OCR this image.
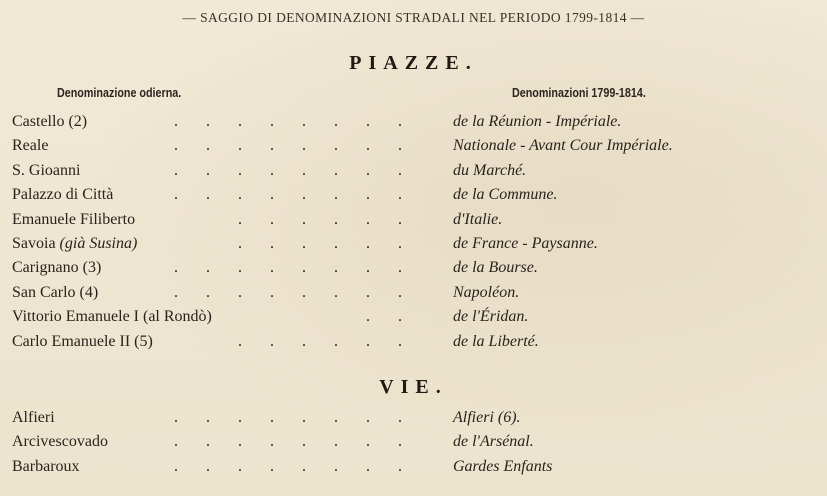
— SAGGIO DI DENOMINAZIONI STRADALI NEL PERIODO 1799-1814 —
PIAZZE.
Denominazione odierna.	Denominazioni 1799-1814.
Castello (2)	. . . . . . . .	de la Réunion - Impériale.
Reale	. . . . . . . .	Nationale - Avant Cour Impériale.
S. Gioanni	. . . . . . . .	du Marché.
Palazzo di Città	. . . . . . . .	de la Commune.
Emanuele Filiberto	. . . . . .	d'Italie.
Savoia (già Susina)	. . . . . .	de France - Paysanne.
Carignano (3)	. . . . . . . .	de la Bourse.
San Carlo (4)	. . . . . . . .	Napoléon.
Vittorio Emanuele I (al Rondò)	. .	de l'Éridan.
Carlo Emanuele II (5)	. . . . . .	de la Liberté.
VIE.
Alfieri	. . . . . . . .	Alfieri (6).
Arcivescovado	. . . . . . . .	de l'Arsénal.
Barbaroux	. . . . . . . .	Gardes Enfants
